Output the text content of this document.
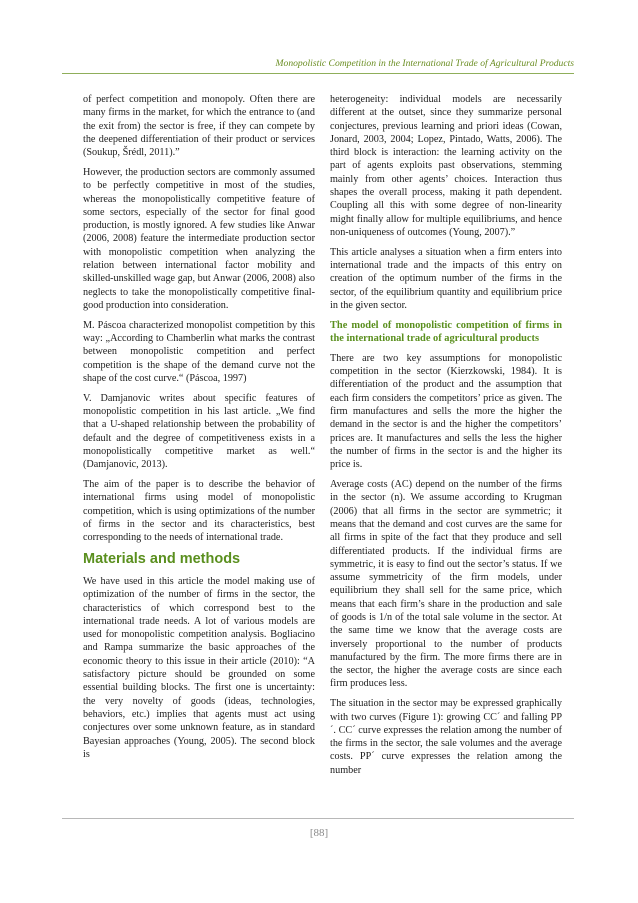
Monopolistic Competition in the International Trade of Agricultural Products

of perfect competition and monopoly. Often there are many firms in the market, for which the entrance to (and the exit from) the sector is free, if they can compete by the deepened differentiation of their product or services (Soukup, Šrédl, 2011).”

However, the production sectors are commonly assumed to be perfectly competitive in most of the studies, whereas the monopolistically competitive feature of some sectors, especially of the sector for final good production, is mostly ignored. A few studies like Anwar (2006, 2008) feature the intermediate production sector with monopolistic competition when analyzing the relation between international factor mobility and skilled-unskilled wage gap, but Anwar (2006, 2008) also neglects to take the monopolistically competitive final-good production into consideration.

M. Páscoa characterized monopolist competition by this way: „According to Chamberlin what marks the contrast between monopolistic competition and perfect competition is the shape of the demand curve not the shape of the cost curve.“ (Páscoa, 1997)

V. Damjanovic writes about specific features of monopolistic competition in his last article. „We find that a U-shaped relationship between the probability of default and the degree of competitiveness exists in a monopolistically competitive market as well.“ (Damjanovic, 2013).

The aim of the paper is to describe the behavior of international firms using model of monopolistic competition, which is using optimizations of the number of firms in the sector and its characteristics, best corresponding to the needs of international trade.

Materials and methods

We have used in this article the model making use of optimization of the number of firms in the sector, the characteristics of which correspond best to the international trade needs. A lot of various models are used for monopolistic competition analysis. Bogliacino and Rampa summarize the basic approaches of the economic theory to this issue in their article (2010): “A satisfactory picture should be grounded on some essential building blocks. The first one is uncertainty: the very novelty of goods (ideas, technologies, behaviors, etc.) implies that agents must act using conjectures over some unknown feature, as in standard Bayesian approaches (Young, 2005). The second block is

heterogeneity: individual models are necessarily different at the outset, since they summarize personal conjectures, previous learning and priori ideas (Cowan, Jonard, 2003, 2004; Lopez, Pintado, Watts, 2006). The third block is interaction: the learning activity on the part of agents exploits past observations, stemming mainly from other agents’ choices. Interaction thus shapes the overall process, making it path dependent. Coupling all this with some degree of non-linearity might finally allow for multiple equilibriums, and hence non-uniqueness of outcomes (Young, 2007).”

This article analyses a situation when a firm enters into international trade and the impacts of this entry on creation of the optimum number of the firms in the sector, of the equilibrium quantity and equilibrium price in the given sector.

The model of monopolistic competition of firms in the international trade of agricultural products

There are two key assumptions for monopolistic competition in the sector (Kierzkowski, 1984). It is differentiation of the product and the assumption that each firm considers the competitors’ price as given. The firm manufactures and sells the more the higher the demand in the sector is and the higher the competitors’ prices are. It manufactures and sells the less the higher the number of firms in the sector is and the higher its price is.

Average costs (AC) depend on the number of the firms in the sector (n). We assume according to Krugman (2006) that all firms in the sector are symmetric; it means that the demand and cost curves are the same for all firms in spite of the fact that they produce and sell differentiated products. If the individual firms are symmetric, it is easy to find out the sector’s status. If we assume symmetricity of the firm models, under equilibrium they shall sell for the same price, which means that each firm’s share in the production and sale of goods is 1/n of the total sale volume in the sector. At the same time we know that the average costs are inversely proportional to the number of products manufactured by the firm. The more firms there are in the sector, the higher the average costs are since each firm produces less.

The situation in the sector may be expressed graphically with two curves (Figure 1): growing CC´ and falling PP´. CC´ curve expresses the relation among the number of the firms in the sector, the sale volumes and the average costs. PP´ curve expresses the relation among the number

[88]
